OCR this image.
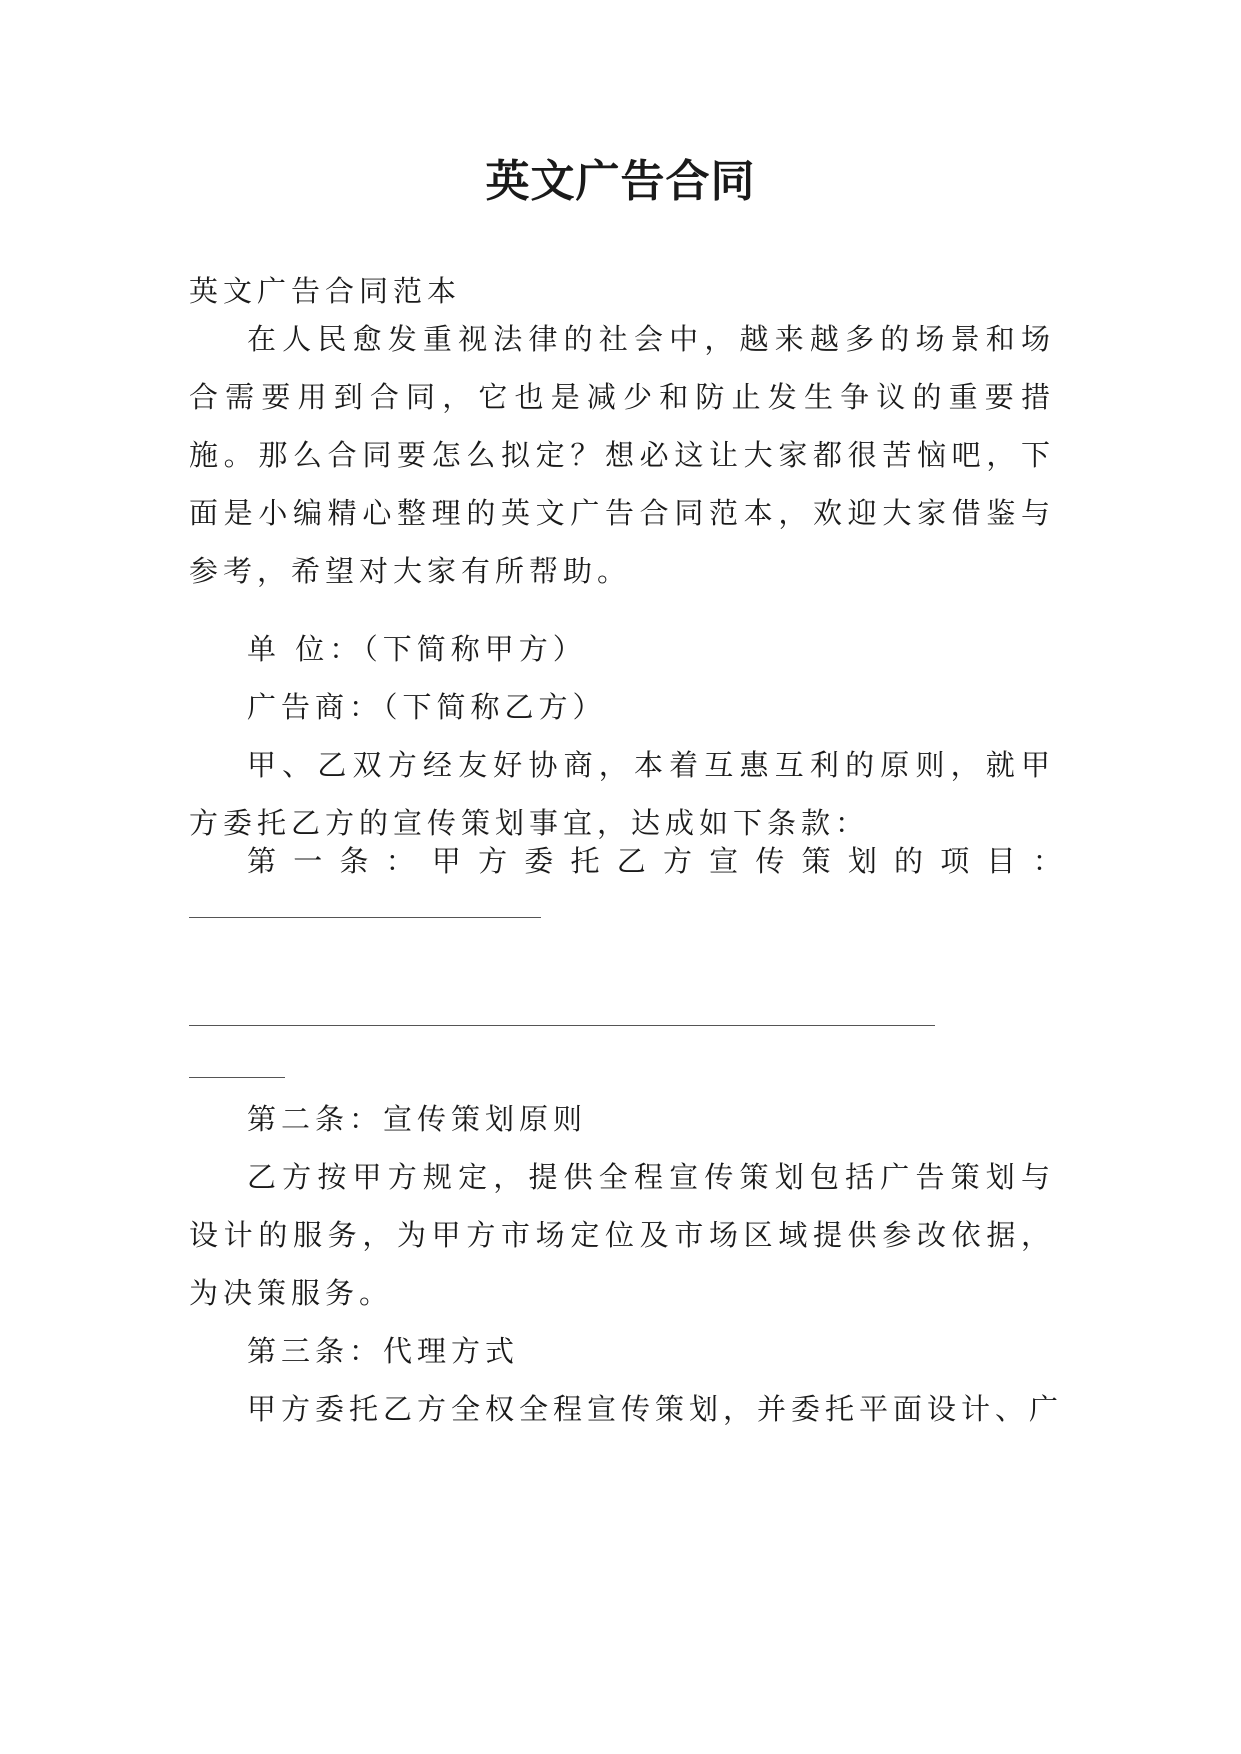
英文广告合同

英文广告合同范本

在人民愈发重视法律的社会中，越来越多的场景和场合需要用到合同，它也是减少和防止发生争议的重要措施。那么合同要怎么拟定？想必这让大家都很苦恼吧，下面是小编精心整理的英文广告合同范本，欢迎大家借鉴与参考，希望对大家有所帮助。

单 位：（下简称甲方）

广告商：（下简称乙方）

甲、乙双方经友好协商，本着互惠互利的原则，就甲方委托乙方的宣传策划事宜，达成如下条款：

第 一 条 ： 甲 方 委 托 乙 方 宣 传 策 划 的 项 目 ：

第二条：宣传策划原则

乙方按甲方规定，提供全程宣传策划包括广告策划与设计的服务，为甲方市场定位及市场区域提供参改依据，为决策服务。

第三条：代理方式

甲方委托乙方全权全程宣传策划，并委托平面设计、广
